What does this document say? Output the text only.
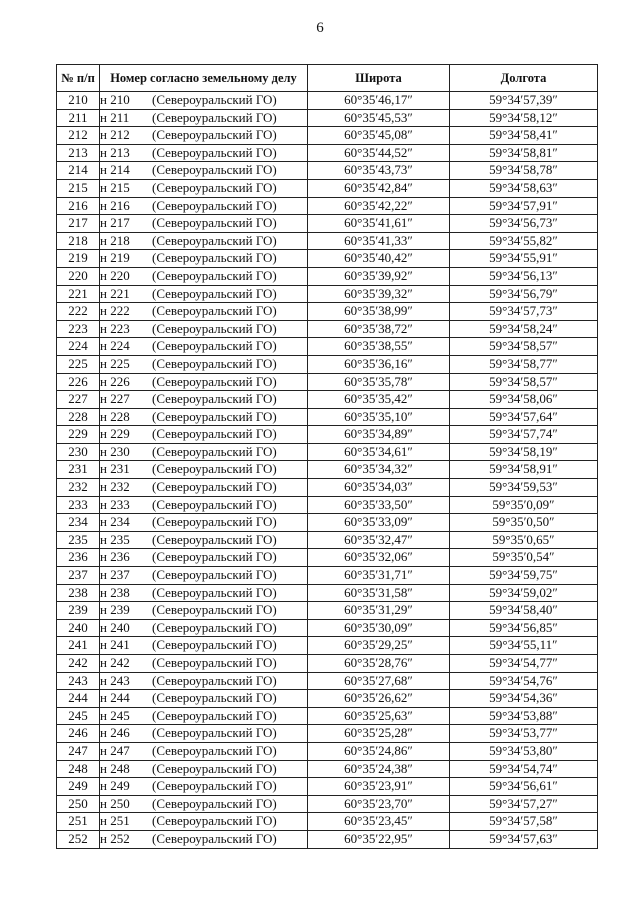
6
№ п/п	Номер согласно земельному делу	Широта	Долгота
210	н 210 (Североуральский ГО)	60°35′46,17″	59°34′57,39″
211	н 211 (Североуральский ГО)	60°35′45,53″	59°34′58,12″
212	н 212 (Североуральский ГО)	60°35′45,08″	59°34′58,41″
213	н 213 (Североуральский ГО)	60°35′44,52″	59°34′58,81″
214	н 214 (Североуральский ГО)	60°35′43,73″	59°34′58,78″
215	н 215 (Североуральский ГО)	60°35′42,84″	59°34′58,63″
216	н 216 (Североуральский ГО)	60°35′42,22″	59°34′57,91″
217	н 217 (Североуральский ГО)	60°35′41,61″	59°34′56,73″
218	н 218 (Североуральский ГО)	60°35′41,33″	59°34′55,82″
219	н 219 (Североуральский ГО)	60°35′40,42″	59°34′55,91″
220	н 220 (Североуральский ГО)	60°35′39,92″	59°34′56,13″
221	н 221 (Североуральский ГО)	60°35′39,32″	59°34′56,79″
222	н 222 (Североуральский ГО)	60°35′38,99″	59°34′57,73″
223	н 223 (Североуральский ГО)	60°35′38,72″	59°34′58,24″
224	н 224 (Североуральский ГО)	60°35′38,55″	59°34′58,57″
225	н 225 (Североуральский ГО)	60°35′36,16″	59°34′58,77″
226	н 226 (Североуральский ГО)	60°35′35,78″	59°34′58,57″
227	н 227 (Североуральский ГО)	60°35′35,42″	59°34′58,06″
228	н 228 (Североуральский ГО)	60°35′35,10″	59°34′57,64″
229	н 229 (Североуральский ГО)	60°35′34,89″	59°34′57,74″
230	н 230 (Североуральский ГО)	60°35′34,61″	59°34′58,19″
231	н 231 (Североуральский ГО)	60°35′34,32″	59°34′58,91″
232	н 232 (Североуральский ГО)	60°35′34,03″	59°34′59,53″
233	н 233 (Североуральский ГО)	60°35′33,50″	59°35′0,09″
234	н 234 (Североуральский ГО)	60°35′33,09″	59°35′0,50″
235	н 235 (Североуральский ГО)	60°35′32,47″	59°35′0,65″
236	н 236 (Североуральский ГО)	60°35′32,06″	59°35′0,54″
237	н 237 (Североуральский ГО)	60°35′31,71″	59°34′59,75″
238	н 238 (Североуральский ГО)	60°35′31,58″	59°34′59,02″
239	н 239 (Североуральский ГО)	60°35′31,29″	59°34′58,40″
240	н 240 (Североуральский ГО)	60°35′30,09″	59°34′56,85″
241	н 241 (Североуральский ГО)	60°35′29,25″	59°34′55,11″
242	н 242 (Североуральский ГО)	60°35′28,76″	59°34′54,77″
243	н 243 (Североуральский ГО)	60°35′27,68″	59°34′54,76″
244	н 244 (Североуральский ГО)	60°35′26,62″	59°34′54,36″
245	н 245 (Североуральский ГО)	60°35′25,63″	59°34′53,88″
246	н 246 (Североуральский ГО)	60°35′25,28″	59°34′53,77″
247	н 247 (Североуральский ГО)	60°35′24,86″	59°34′53,80″
248	н 248 (Североуральский ГО)	60°35′24,38″	59°34′54,74″
249	н 249 (Североуральский ГО)	60°35′23,91″	59°34′56,61″
250	н 250 (Североуральский ГО)	60°35′23,70″	59°34′57,27″
251	н 251 (Североуральский ГО)	60°35′23,45″	59°34′57,58″
252	н 252 (Североуральский ГО)	60°35′22,95″	59°34′57,63″
